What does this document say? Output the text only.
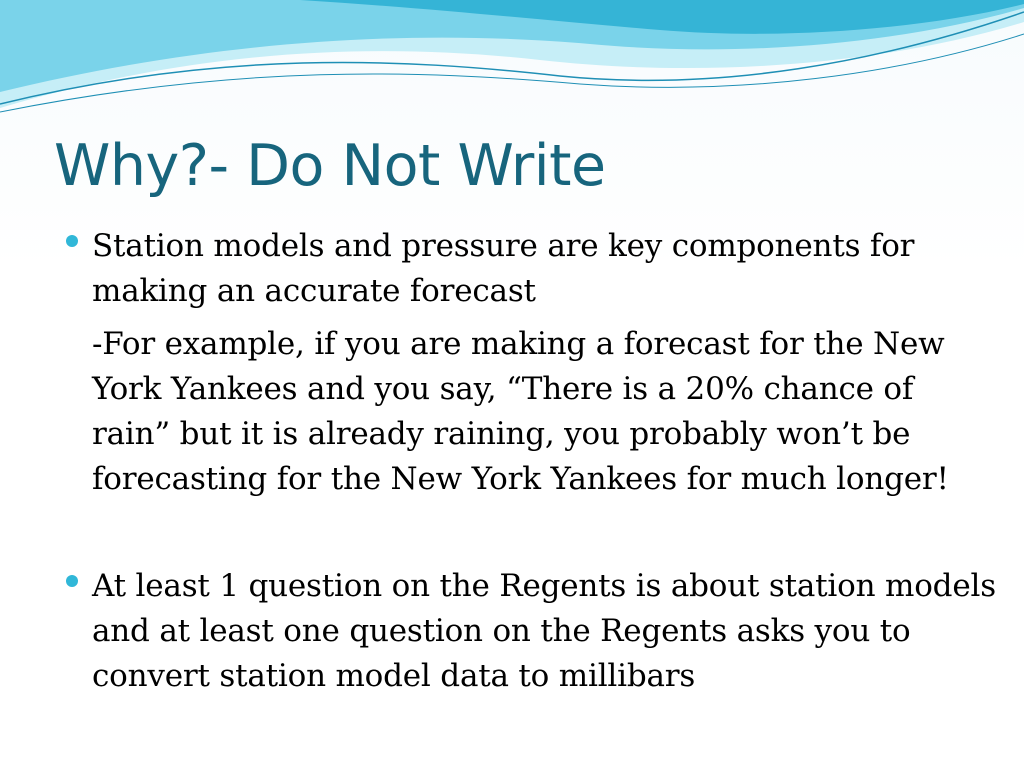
Why?- Do Not Write

Station models and pressure are key components for making an accurate forecast

-For example, if you are making a forecast for the New York Yankees and you say, “There is a 20% chance of rain” but it is already raining, you probably won’t be forecasting for the New York Yankees for much longer!

At least 1 question on the Regents is about station models and at least one question on the Regents asks you to convert station model data to millibars
